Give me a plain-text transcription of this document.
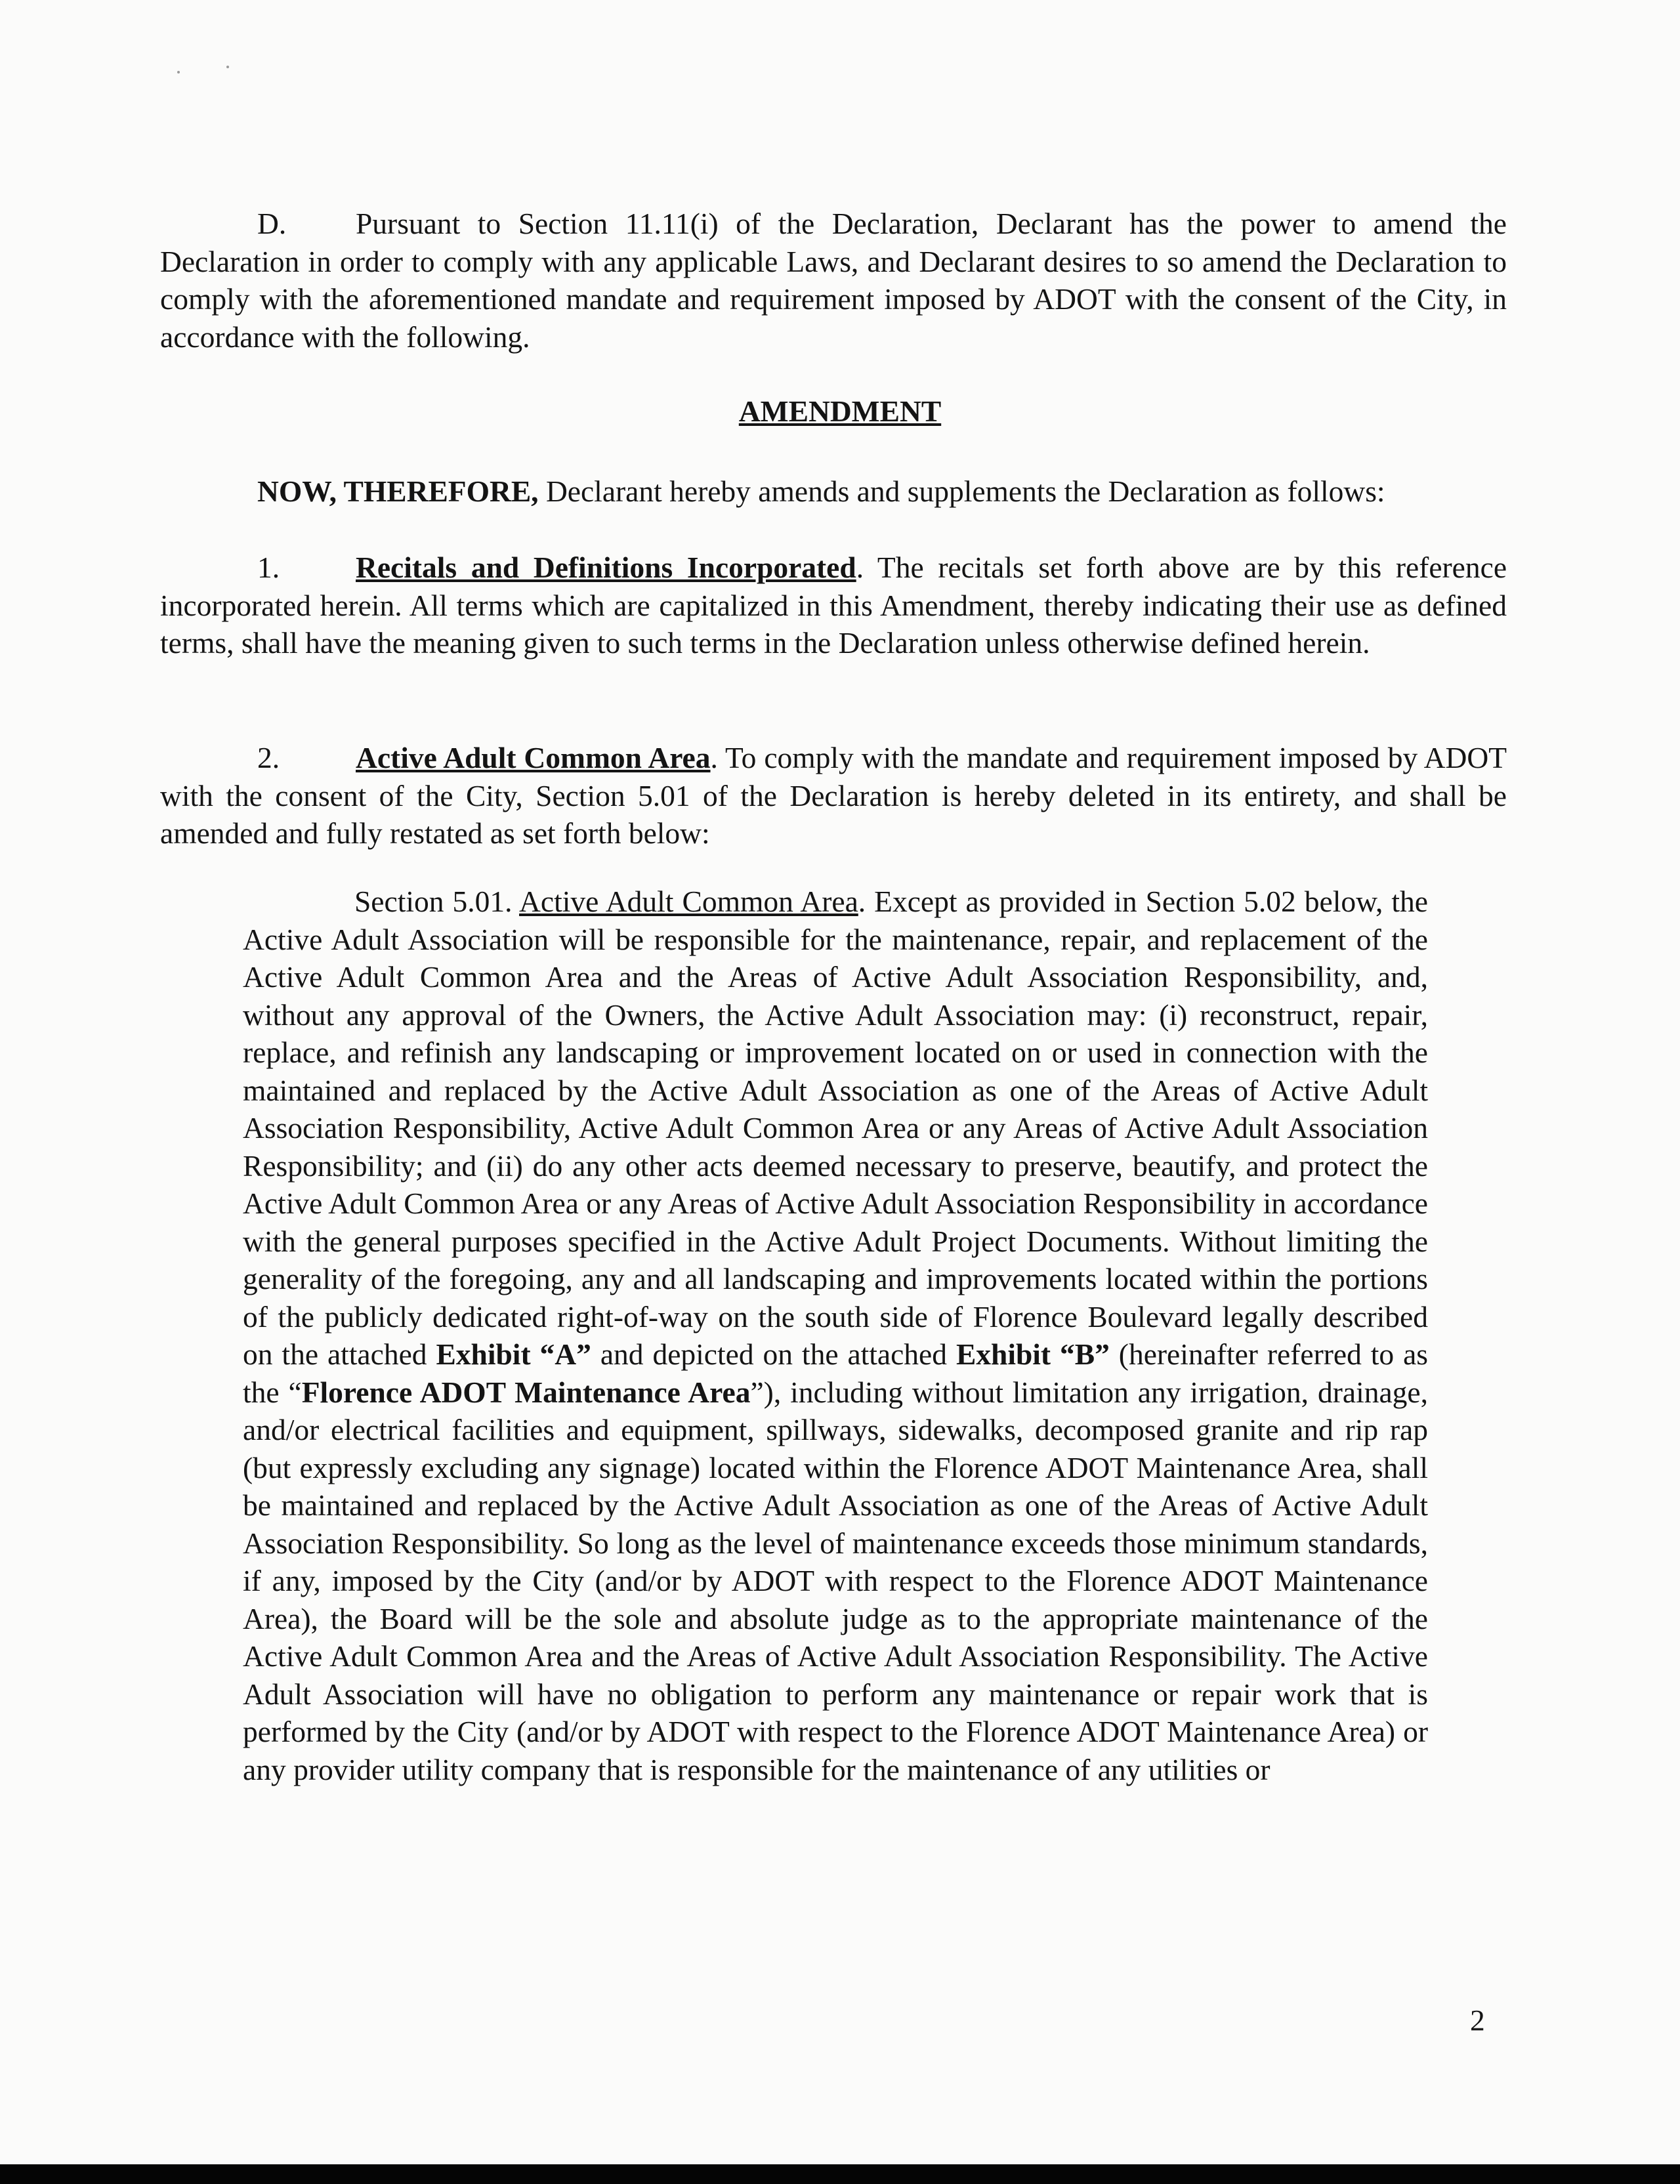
D. Pursuant to Section 11.11(i) of the Declaration, Declarant has the power to amend the Declaration in order to comply with any applicable Laws, and Declarant desires to so amend the Declaration to comply with the aforementioned mandate and requirement imposed by ADOT with the consent of the City, in accordance with the following.

AMENDMENT

NOW, THEREFORE, Declarant hereby amends and supplements the Declaration as follows:

1.	Recitals and Definitions Incorporated. The recitals set forth above are by this reference incorporated herein. All terms which are capitalized in this Amendment, thereby indicating their use as defined terms, shall have the meaning given to such terms in the Declaration unless otherwise defined herein.

2.	Active Adult Common Area. To comply with the mandate and requirement imposed by ADOT with the consent of the City, Section 5.01 of the Declaration is hereby deleted in its entirety, and shall be amended and fully restated as set forth below:

Section 5.01. Active Adult Common Area. Except as provided in Section 5.02 below, the Active Adult Association will be responsible for the maintenance, repair, and replacement of the Active Adult Common Area and the Areas of Active Adult Association Responsibility, and, without any approval of the Owners, the Active Adult Association may: (i) reconstruct, repair, replace, and refinish any landscaping or improvement located on or used in connection with the maintained and replaced by the Active Adult Association as one of the Areas of Active Adult Association Responsibility, Active Adult Common Area or any Areas of Active Adult Association Responsibility; and (ii) do any other acts deemed necessary to preserve, beautify, and protect the Active Adult Common Area or any Areas of Active Adult Association Responsibility in accordance with the general purposes specified in the Active Adult Project Documents. Without limiting the generality of the foregoing, any and all landscaping and improvements located within the portions of the publicly dedicated right-of-way on the south side of Florence Boulevard legally described on the attached Exhibit “A” and depicted on the attached Exhibit “B” (hereinafter referred to as the “Florence ADOT Maintenance Area”), including without limitation any irrigation, drainage, and/or electrical facilities and equipment, spillways, sidewalks, decomposed granite and rip rap (but expressly excluding any signage) located within the Florence ADOT Maintenance Area, shall be maintained and replaced by the Active Adult Association as one of the Areas of Active Adult Association Responsibility. So long as the level of maintenance exceeds those minimum standards, if any, imposed by the City (and/or by ADOT with respect to the Florence ADOT Maintenance Area), the Board will be the sole and absolute judge as to the appropriate maintenance of the Active Adult Common Area and the Areas of Active Adult Association Responsibility. The Active Adult Association will have no obligation to perform any maintenance or repair work that is performed by the City (and/or by ADOT with respect to the Florence ADOT Maintenance Area) or any provider utility company that is responsible for the maintenance of any utilities or

2
